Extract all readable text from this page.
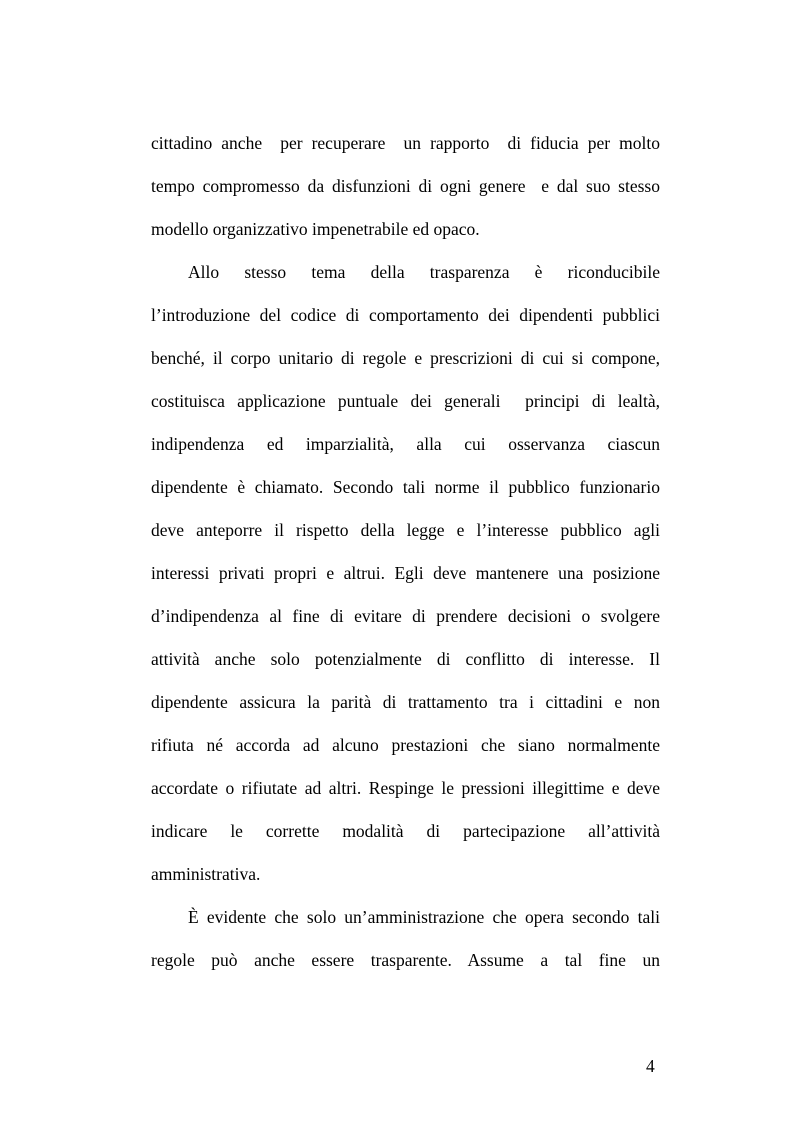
cittadino anche  per recuperare  un rapporto  di fiducia per molto
tempo compromesso da disfunzioni di ogni genere  e dal suo stesso
modello organizzativo impenetrabile ed opaco.
Allo stesso tema della trasparenza è riconducibile
l’introduzione del codice di comportamento dei dipendenti pubblici
benché, il corpo unitario di regole e prescrizioni di cui si compone,
costituisca applicazione puntuale dei generali  principi di lealtà,
indipendenza ed imparzialità, alla cui osservanza ciascun
dipendente è chiamato. Secondo tali norme il pubblico funzionario
deve anteporre il rispetto della legge e l’interesse pubblico agli
interessi privati propri e altrui. Egli deve mantenere una posizione
d’indipendenza al fine di evitare di prendere decisioni o svolgere
attività anche solo potenzialmente di conflitto di interesse. Il
dipendente assicura la parità di trattamento tra i cittadini e non
rifiuta né accorda ad alcuno prestazioni che siano normalmente
accordate o rifiutate ad altri. Respinge le pressioni illegittime e deve
indicare le corrette modalità di partecipazione all’attività
amministrativa.
È evidente che solo un’amministrazione che opera secondo tali
regole può anche essere trasparente. Assume a tal fine un
4
